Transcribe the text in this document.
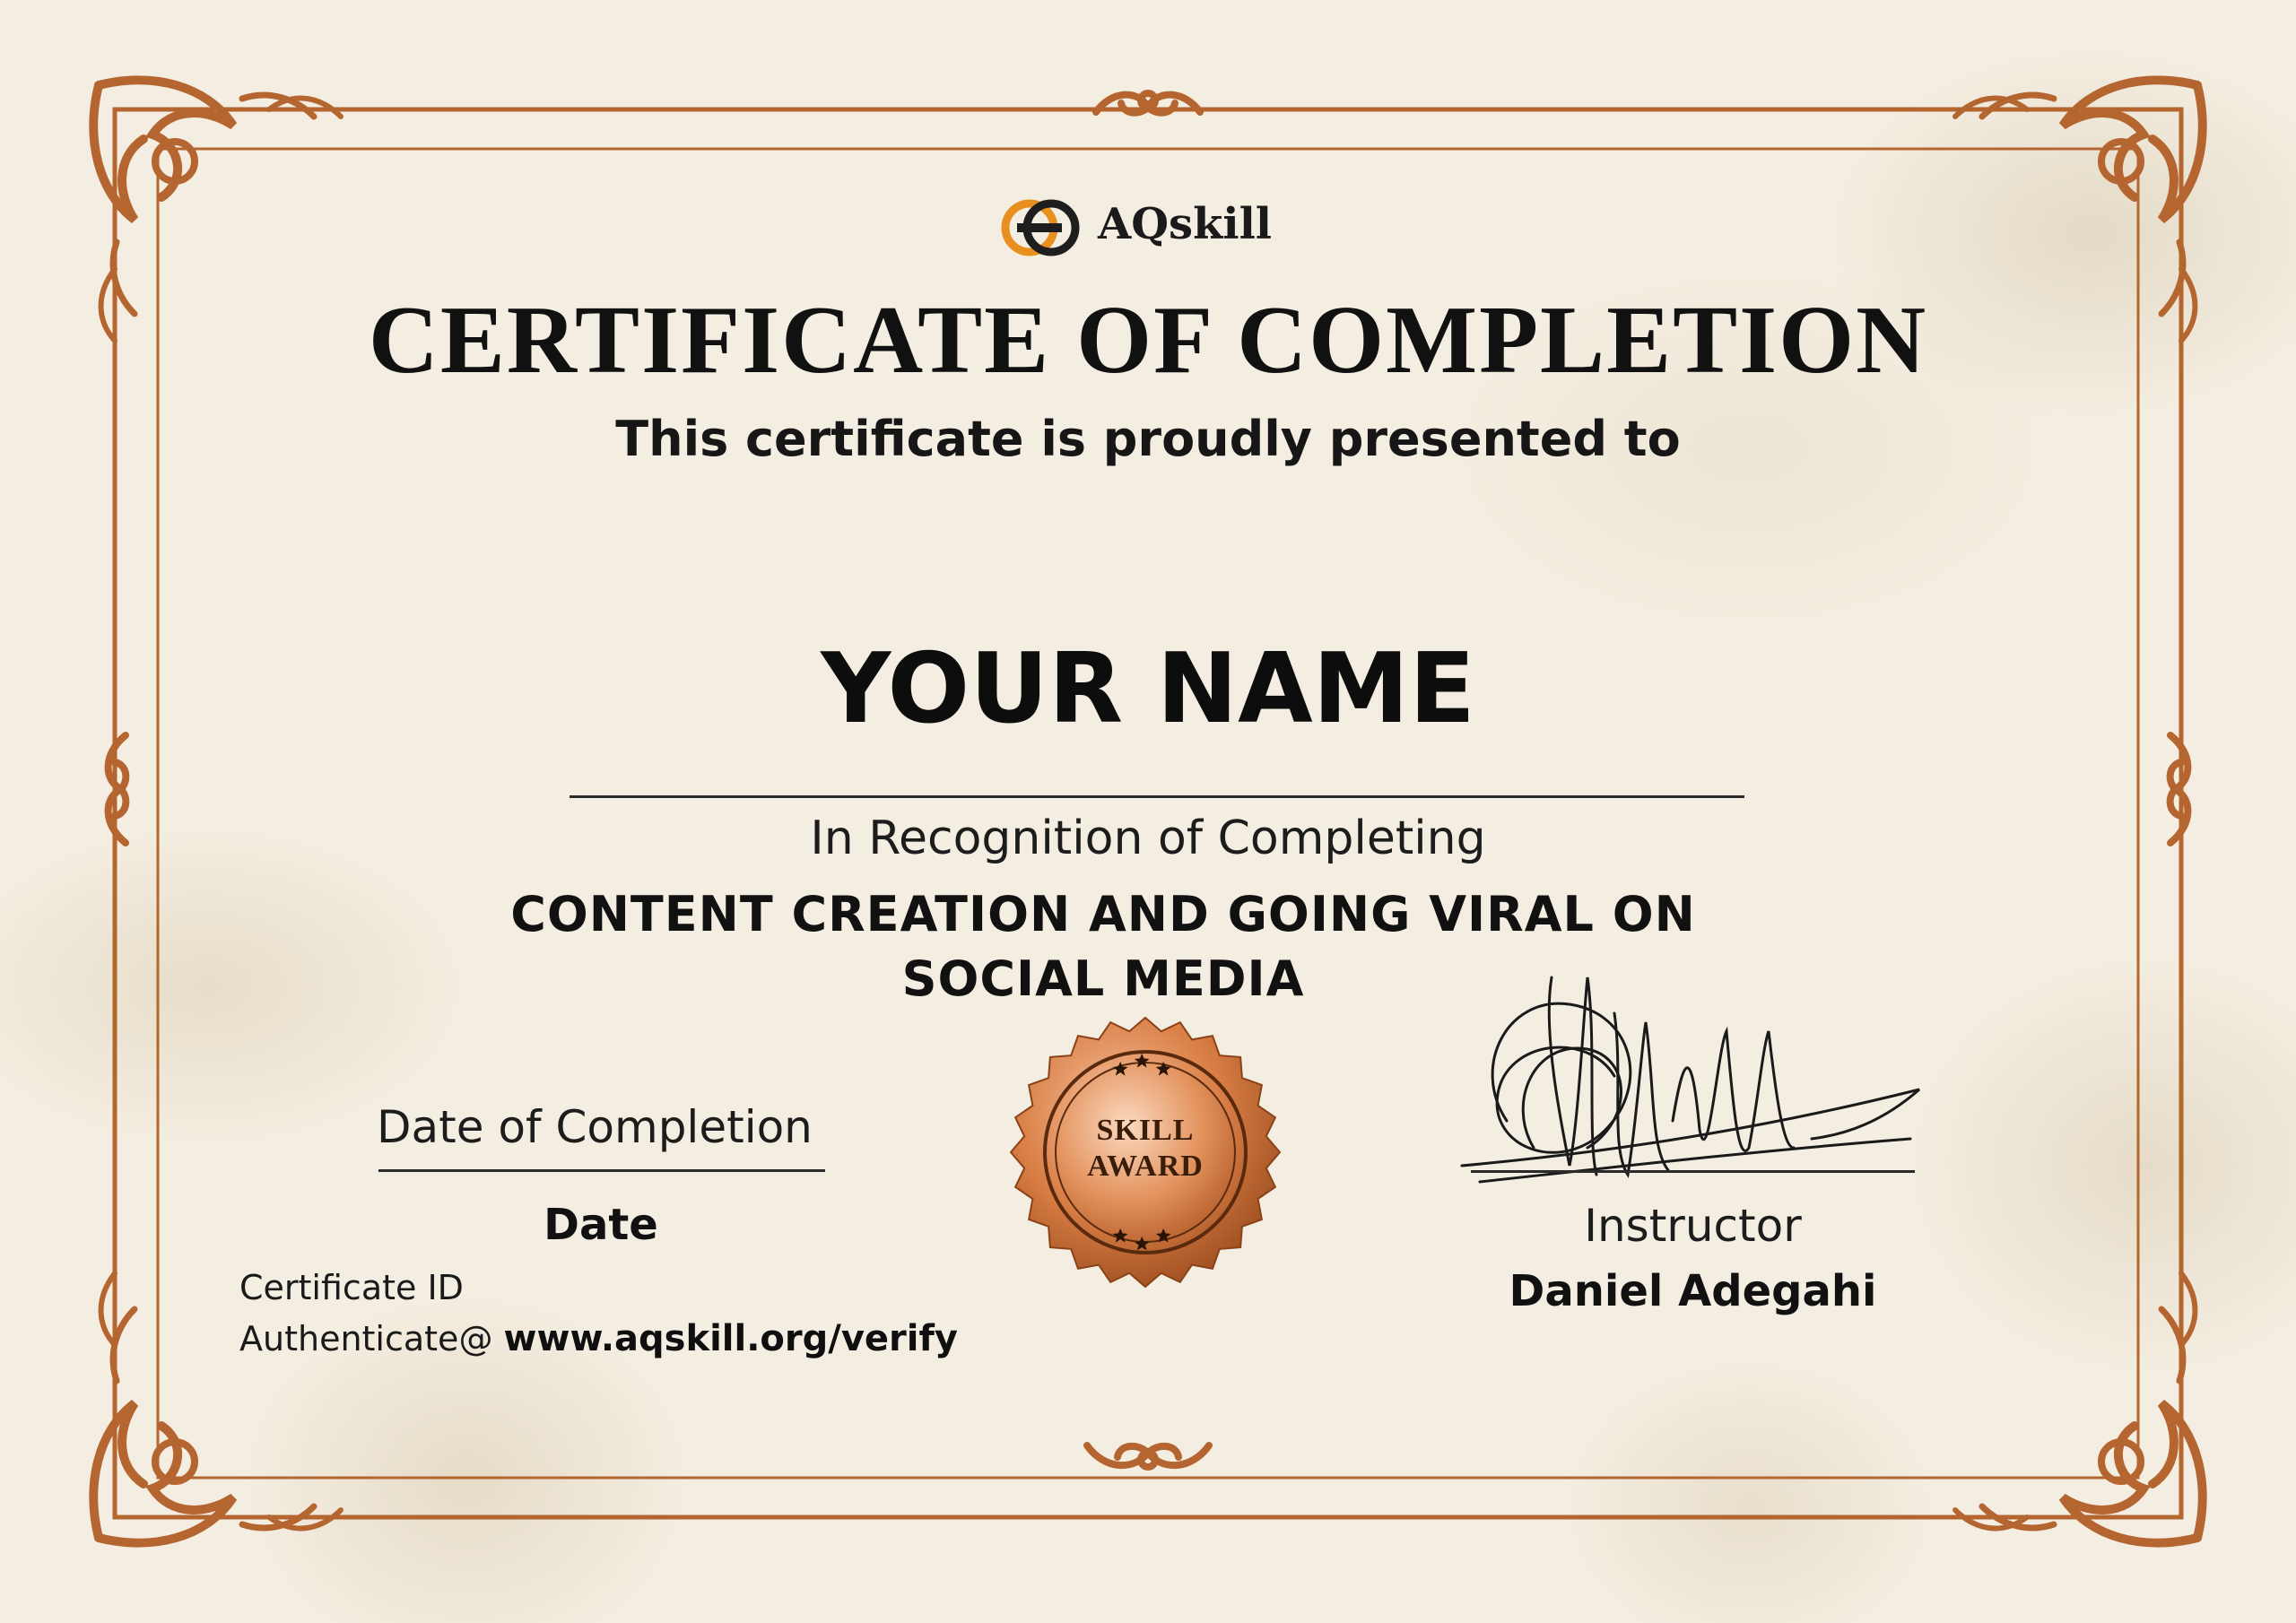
AQskill
CERTIFICATE OF COMPLETION
This certificate is proudly presented to
YOUR NAME
In Recognition of Completing
CONTENT CREATION AND GOING VIRAL ON
SOCIAL MEDIA
Date of Completion
Date
Certificate ID
Authenticate@ www.aqskill.org/verify
SKILL
AWARD
Instructor
Daniel Adegahi
